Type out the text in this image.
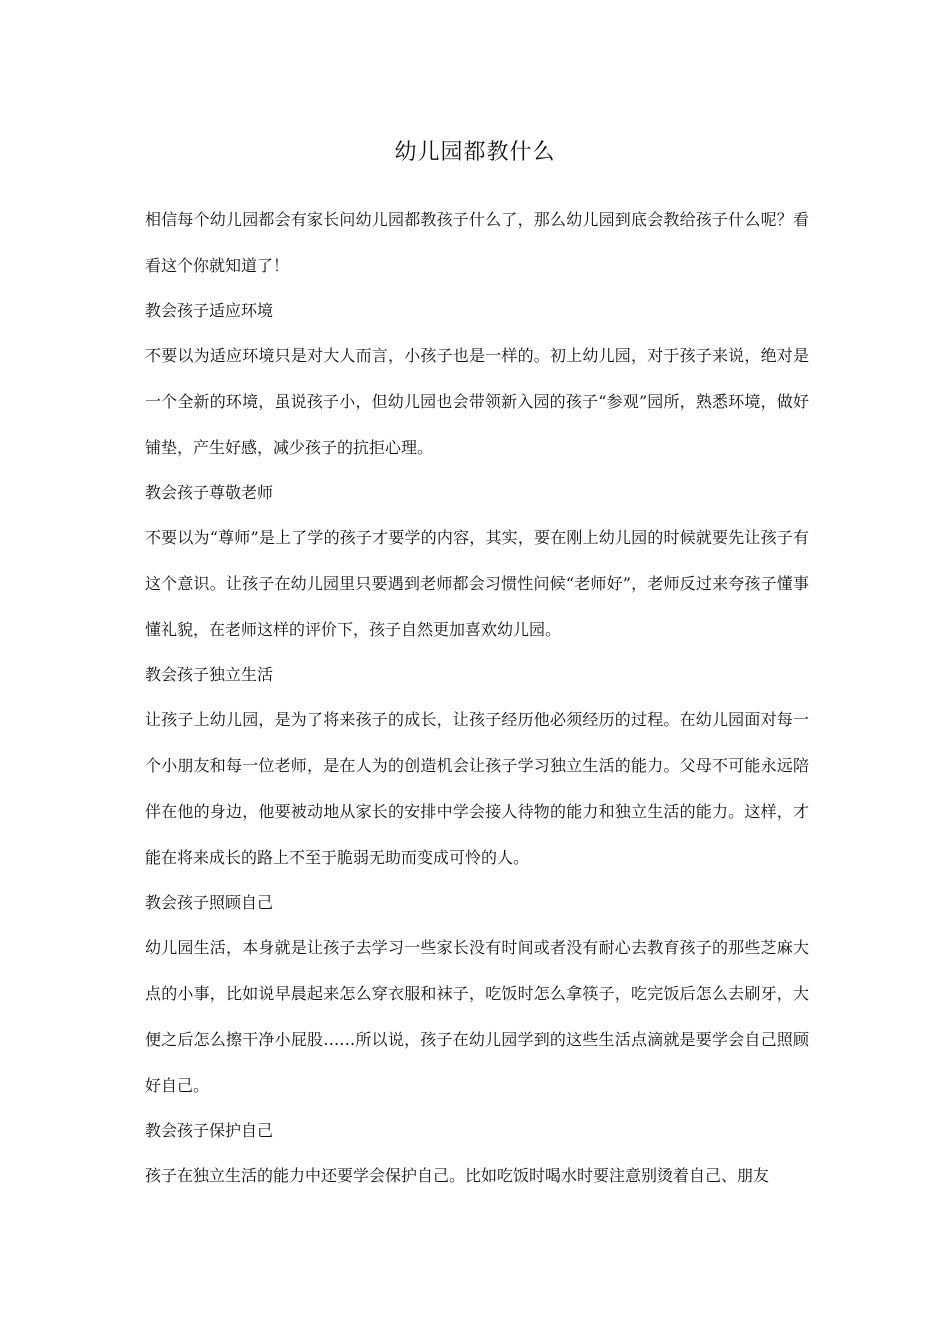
幼儿园都教什么

相信每个幼儿园都会有家长问幼儿园都教孩子什么了，那么幼儿园到底会教给孩子什么呢？看看这个你就知道了！

教会孩子适应环境

不要以为适应环境只是对大人而言，小孩子也是一样的。初上幼儿园，对于孩子来说，绝对是一个全新的环境，虽说孩子小，但幼儿园也会带领新入园的孩子“参观”园所，熟悉环境，做好铺垫，产生好感，减少孩子的抗拒心理。

教会孩子尊敬老师

不要以为“尊师”是上了学的孩子才要学的内容，其实，要在刚上幼儿园的时候就要先让孩子有这个意识。让孩子在幼儿园里只要遇到老师都会习惯性问候“老师好”，老师反过来夸孩子懂事懂礼貌，在老师这样的评价下，孩子自然更加喜欢幼儿园。

教会孩子独立生活

让孩子上幼儿园，是为了将来孩子的成长，让孩子经历他必须经历的过程。在幼儿园面对每一个小朋友和每一位老师，是在人为的创造机会让孩子学习独立生活的能力。父母不可能永远陪伴在他的身边，他要被动地从家长的安排中学会接人待物的能力和独立生活的能力。这样，才能在将来成长的路上不至于脆弱无助而变成可怜的人。

教会孩子照顾自己

幼儿园生活，本身就是让孩子去学习一些家长没有时间或者没有耐心去教育孩子的那些芝麻大点的小事，比如说早晨起来怎么穿衣服和袜子，吃饭时怎么拿筷子，吃完饭后怎么去刷牙，大便之后怎么擦干净小屁股……所以说，孩子在幼儿园学到的这些生活点滴就是要学会自己照顾好自己。

教会孩子保护自己

孩子在独立生活的能力中还要学会保护自己。比如吃饭时喝水时要注意别烫着自己、朋友
